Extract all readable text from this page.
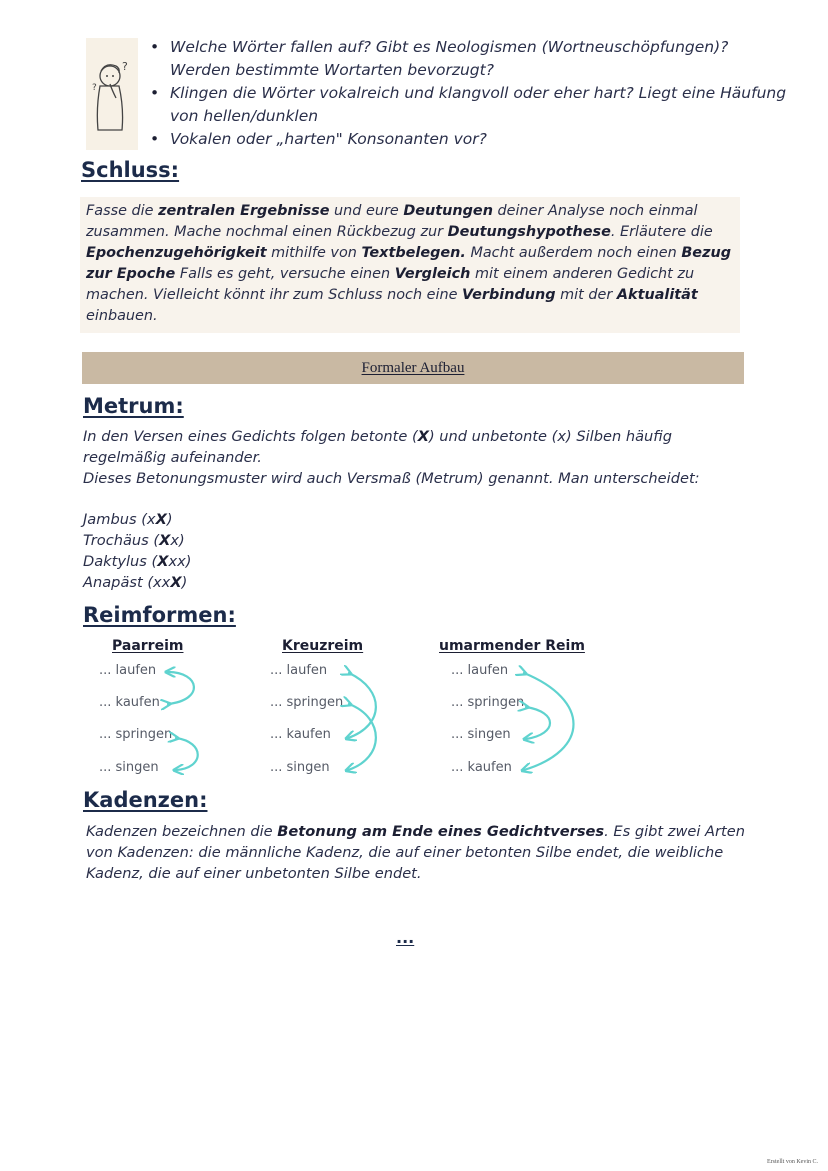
?
?
• Welche Wörter fallen auf? Gibt es Neologismen (Wortneuschöpfungen)? Werden bestimmte Wortarten bevorzugt?
• Klingen die Wörter vokalreich und klangvoll oder eher hart? Liegt eine Häufung von hellen/dunklen
• Vokalen oder „harten" Konsonanten vor?
Schluss:

Fasse die zentralen Ergebnisse und eure Deutungen deiner Analyse noch einmal zusammen. Mache nochmal einen Rückbezug zur Deutungshypothese. Erläutere die Epochenzugehörigkeit mithilfe von Textbelegen. Macht außerdem noch einen Bezug zur Epoche Falls es geht, versuche einen Vergleich mit einem anderen Gedicht zu machen. Vielleicht könnt ihr zum Schluss noch eine Verbindung mit der Aktualität einbauen.

Formaler Aufbau
Metrum:

In den Versen eines Gedichts folgen betonte (X) und unbetonte (x) Silben häufig regelmäßig aufeinander.

Dieses Betonungsmuster wird auch Versmaß (Metrum) genannt. Man unterscheidet:

Jambus (xX)

Trochäus (Xx)

Daktylus (Xxx)

Anapäst (xxX)

Reimformen:
Paarreim
... laufen
... kaufen
... springen
... singen
Kreuzreim
... laufen
... springen
... kaufen
... singen
umarmender Reim
... laufen
... springen
... singen
... kaufen
Kadenzen:

Kadenzen bezeichnen die Betonung am Ende eines Gedichtverses. Es gibt zwei Arten von Kadenzen: die männliche Kadenz, die auf einer betonten Silbe endet, die weibliche Kadenz, die auf einer unbetonten Silbe endet.

...
Erstellt von Kevin C.
